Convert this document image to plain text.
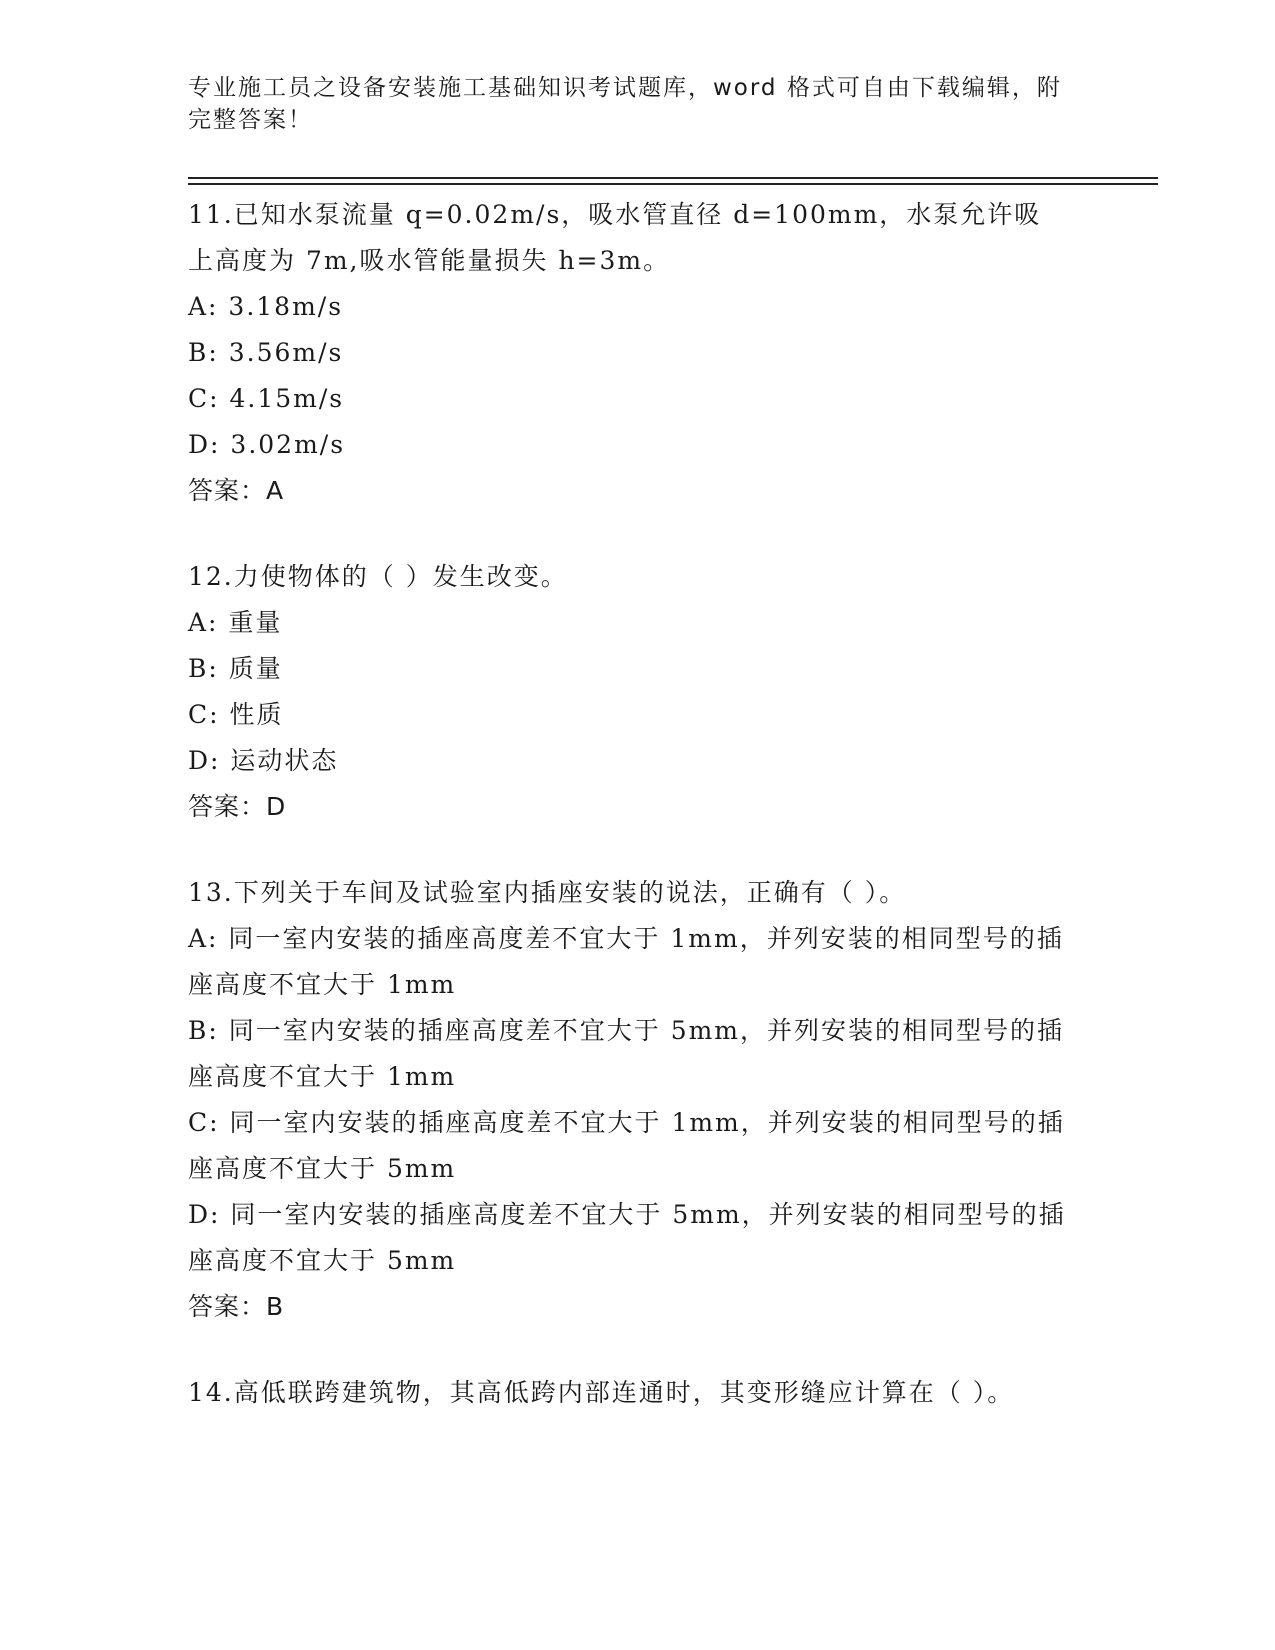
专业施工员之设备安装施工基础知识考试题库，word 格式可自由下载编辑，附完整答案！
11.已知水泵流量 q=0.02m/s，吸水管直径 d=100mm，水泵允许吸上高度为 7m,吸水管能量损失 h=3m。
A: 3.18m/s
B: 3.56m/s
C: 4.15m/s
D: 3.02m/s
答案：A
12.力使物体的（ ）发生改变。
A: 重量
B: 质量
C: 性质
D: 运动状态
答案：D
13.下列关于车间及试验室内插座安装的说法，正确有（ ）。
A: 同一室内安装的插座高度差不宜大于 1mm，并列安装的相同型号的插座高度不宜大于 1mm
B: 同一室内安装的插座高度差不宜大于 5mm，并列安装的相同型号的插座高度不宜大于 1mm
C: 同一室内安装的插座高度差不宜大于 1mm，并列安装的相同型号的插座高度不宜大于 5mm
D: 同一室内安装的插座高度差不宜大于 5mm，并列安装的相同型号的插座高度不宜大于 5mm
答案：B
14.高低联跨建筑物，其高低跨内部连通时，其变形缝应计算在（ ）。
